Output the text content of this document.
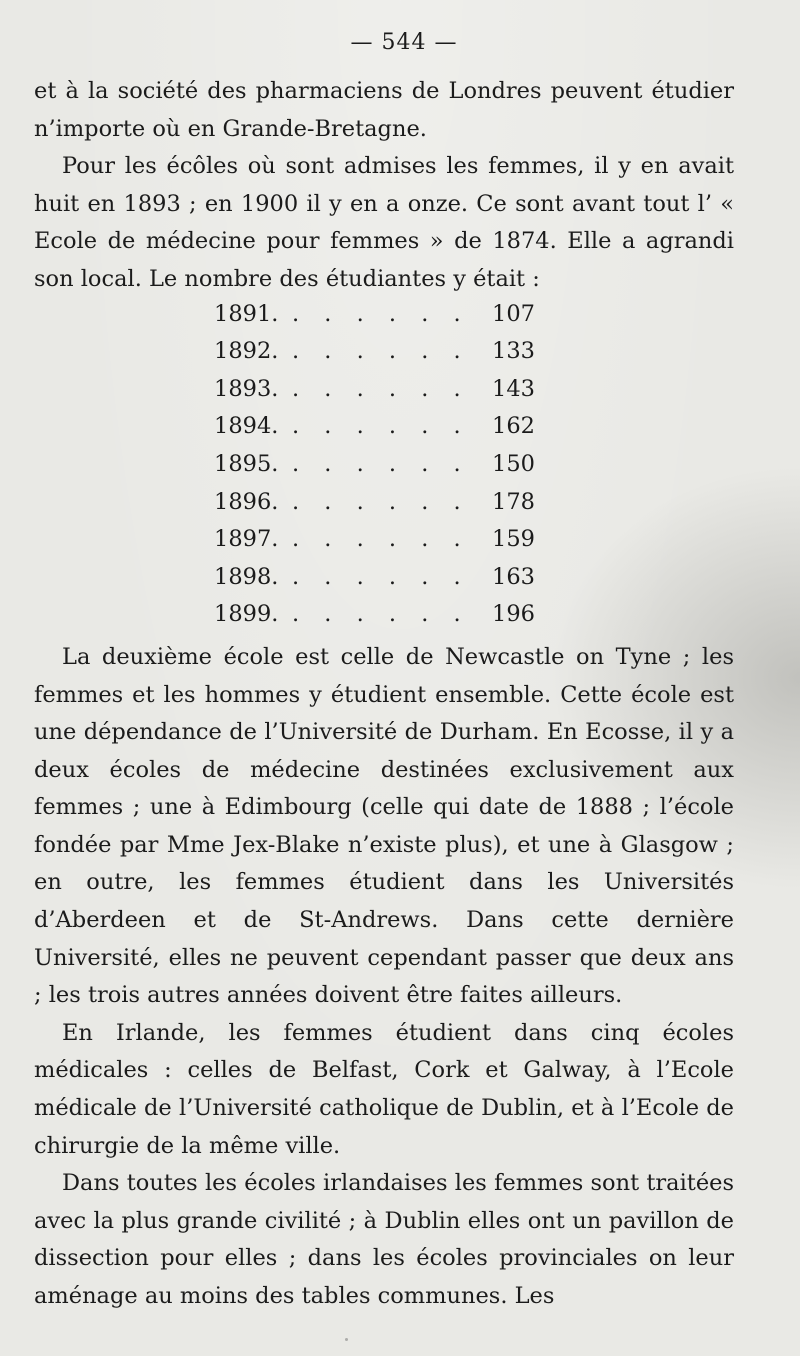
— 544 —

et à la société des pharmaciens de Londres peuvent étudier n’importe où en Grande-Bretagne.

Pour les écôles où sont admises les femmes, il y en avait huit en 1893 ; en 1900 il y en a onze. Ce sont avant tout l’ « Ecole de médecine pour femmes » de 1874. Elle a agrandi son local. Le nombre des étudiantes y était :

1891. . . . . . . 107
1892. . . . . . . 133
1893. . . . . . . 143
1894. . . . . . . 162
1895. . . . . . . 150
1896. . . . . . . 178
1897. . . . . . . 159
1898. . . . . . . 163
1899. . . . . . . 196

La deuxième école est celle de Newcastle on Tyne ; les femmes et les hommes y étudient ensemble. Cette école est une dépendance de l’Université de Durham. En Ecosse, il y a deux écoles de médecine destinées exclusivement aux femmes ; une à Edimbourg (celle qui date de 1888 ; l’école fondée par Mme Jex-Blake n’existe plus), et une à Glasgow ; en outre, les femmes étudient dans les Universités d’Aberdeen et de St-Andrews. Dans cette dernière Université, elles ne peuvent cependant passer que deux ans ; les trois autres années doivent être faites ailleurs.

En Irlande, les femmes étudient dans cinq écoles médicales : celles de Belfast, Cork et Galway, à l’Ecole médicale de l’Université catholique de Dublin, et à l’Ecole de chirurgie de la même ville.

Dans toutes les écoles irlandaises les femmes sont traitées avec la plus grande civilité ; à Dublin elles ont un pavillon de dissection pour elles ; dans les écoles provinciales on leur aménage au moins des tables communes. Les
